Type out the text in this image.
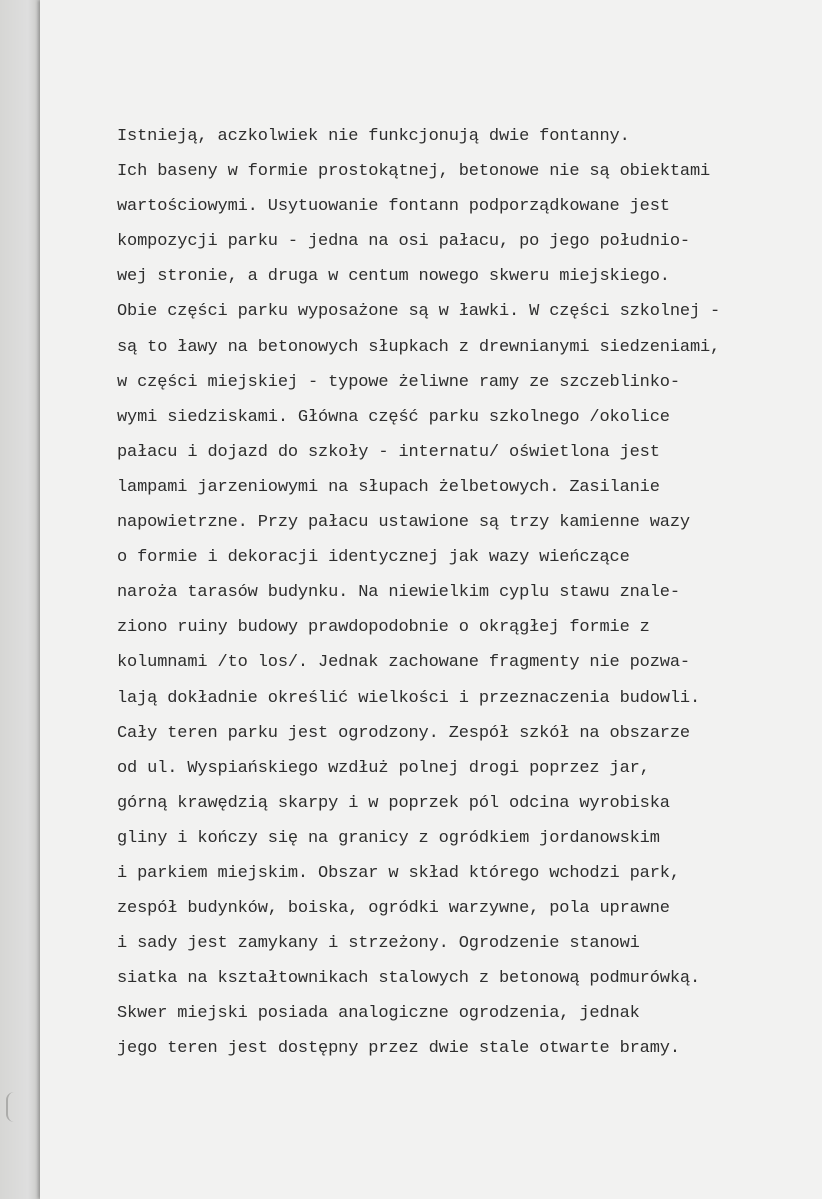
Istnieją, aczkolwiek nie funkcjonują dwie fontanny.
Ich baseny w formie prostokątnej, betonowe nie są obiektami
wartościowymi. Usytuowanie fontann podporządkowane jest
kompozycji parku - jedna na osi pałacu, po jego południo-
wej stronie, a druga w centum nowego skweru miejskiego.
Obie części parku wyposażone są w ławki. W części szkolnej -
są to ławy na betonowych słupkach z drewnianymi siedzeniami,
w części miejskiej - typowe żeliwne ramy ze szczeblinko-
wymi siedziskami. Główna część parku szkolnego /okolice
pałacu i dojazd do szkoły - internatu/ oświetlona jest
lampami jarzeniowymi na słupach żelbetowych. Zasilanie
napowietrzne. Przy pałacu ustawione są trzy kamienne wazy
o formie i dekoracji identycznej jak wazy wieńczące
naroża tarasów budynku. Na niewielkim cyplu stawu znale-
ziono ruiny budowy prawdopodobnie o okrągłej formie z
kolumnami /to los/. Jednak zachowane fragmenty nie pozwa-
lają dokładnie określić wielkości i przeznaczenia budowli.
Cały teren parku jest ogrodzony. Zespół szkół na obszarze
od ul. Wyspiańskiego wzdłuż polnej drogi poprzez jar,
górną krawędzią skarpy i w poprzek pól odcina wyrobiska
gliny i kończy się na granicy z ogródkiem jordanowskim
i parkiem miejskim. Obszar w skład którego wchodzi park,
zespół budynków, boiska, ogródki warzywne, pola uprawne
i sady jest zamykany i strzeżony. Ogrodzenie stanowi
siatka na kształtownikach stalowych z betonową podmurówką.
Skwer miejski posiada analogiczne ogrodzenia, jednak
jego teren jest dostępny przez dwie stale otwarte bramy.
